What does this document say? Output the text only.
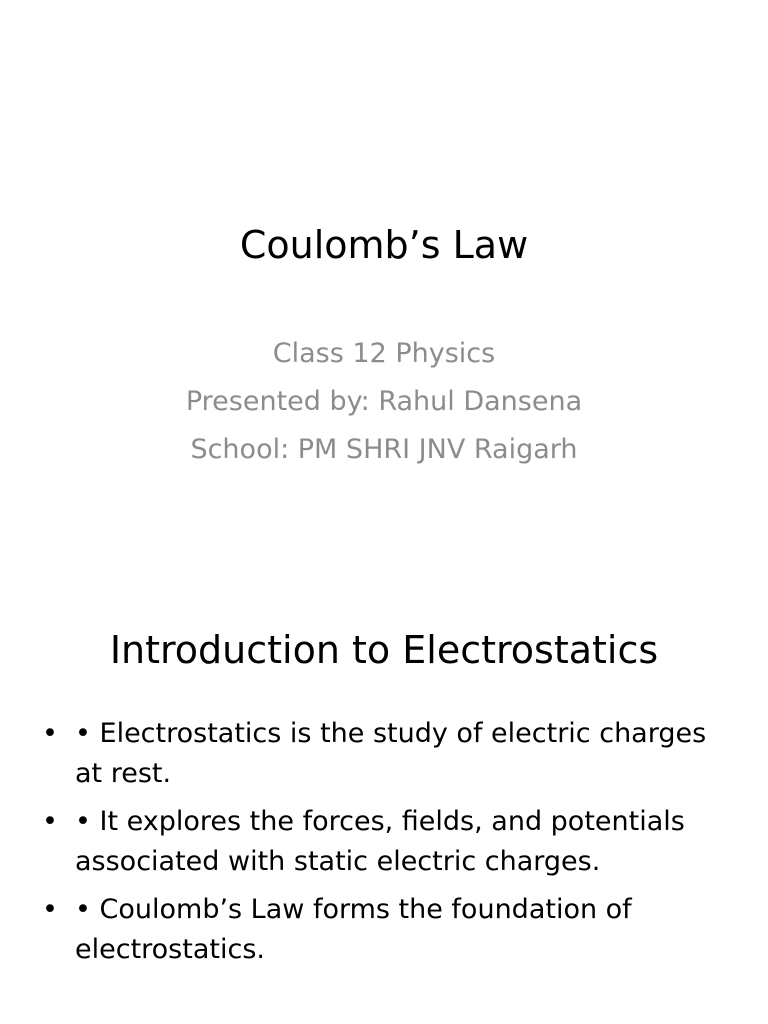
Coulomb’s Law
Class 12 Physics
Presented by: Rahul Dansena
School: PM SHRI JNV Raigarh
Introduction to Electrostatics
• • Electrostatics is the study of electric charges at rest.
• • It explores the forces, fields, and potentials associated with static electric charges.
• • Coulomb’s Law forms the foundation of electrostatics.
